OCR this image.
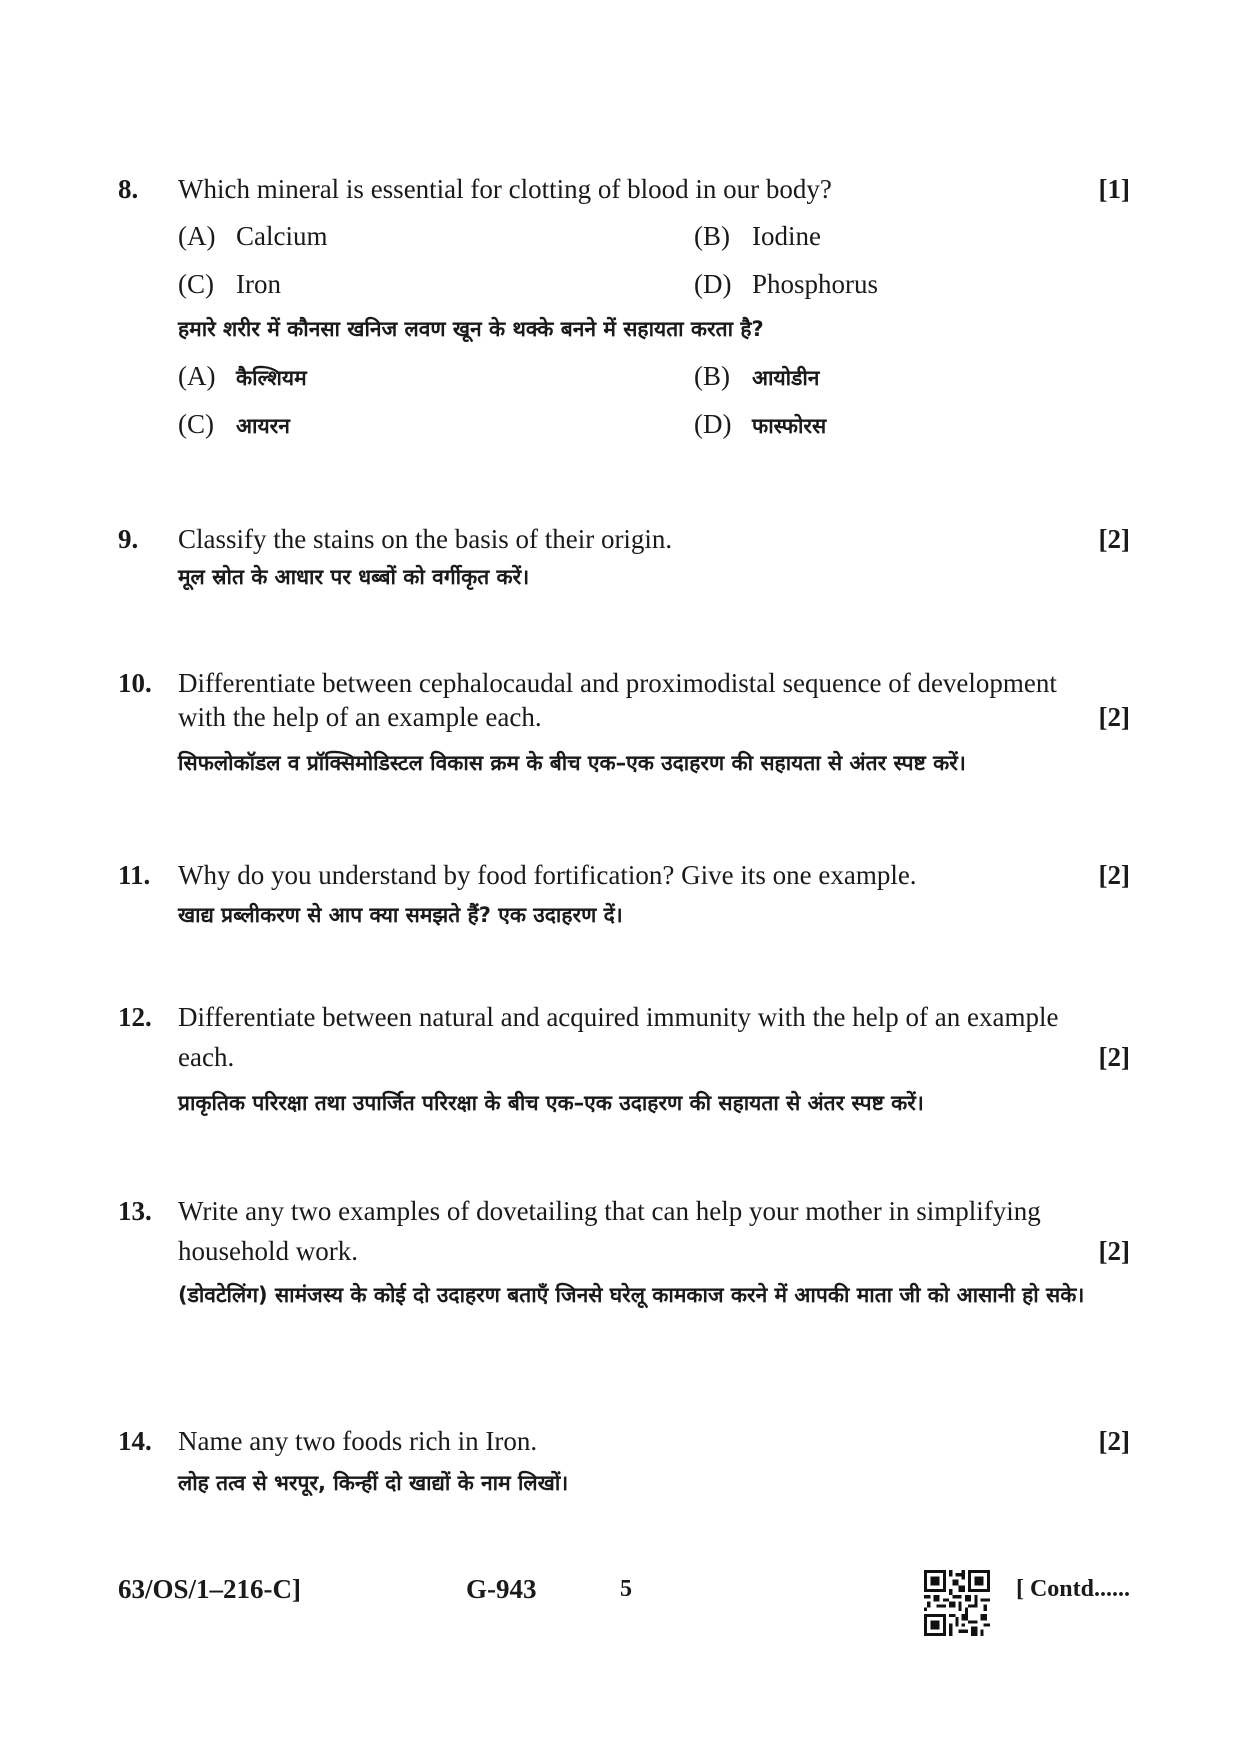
8. Which mineral is essential for clotting of blood in our body?
(A) Calcium	(B) Iodine
(C) Iron	(D) Phosphorus
हमारे शरीर में कौनसा खनिज लवण खून के थक्के बनने में सहायता करता है?
(A) कैल्शियम	(B) आयोडीन
(C) आयरन	(D) फास्फोरस
[1]
9. Classify the stains on the basis of their origin.
मूल स्रोत के आधार पर धब्बों को वर्गीकृत करें।
[2]
10. Differentiate between cephalocaudal and proximodistal sequence of development
with the help of an example each.	[2]
सिफलोकॉडल व प्रॉक्सिमोडिस्टल विकास क्रम के बीच एक–एक उदाहरण की सहायता से अंतर स्पष्ट करें।
11. Why do you understand by food fortification? Give its one example.
खाद्य प्रब्लीकरण से आप क्या समझते हैं? एक उदाहरण दें।
[2]
12. Differentiate between natural and acquired immunity with the help of an example
each.	[2]
प्राकृतिक परिरक्षा तथा उपार्जित परिरक्षा के बीच एक–एक उदाहरण की सहायता से अंतर स्पष्ट करें।
13. Write any two examples of dovetailing that can help your mother in simplifying
household work.	[2]
(डोवटेलिंग) सामंजस्य के कोई दो उदाहरण बताएँ जिनसे घरेलू कामकाज करने में आपकी माता जी को आसानी हो सके।
14. Name any two foods rich in Iron.
लोह तत्व से भरपूर, किन्हीं दो खाद्यों के नाम लिखों।
[2]
63/OS/1–216-C]	G-943	5	[ Contd......
